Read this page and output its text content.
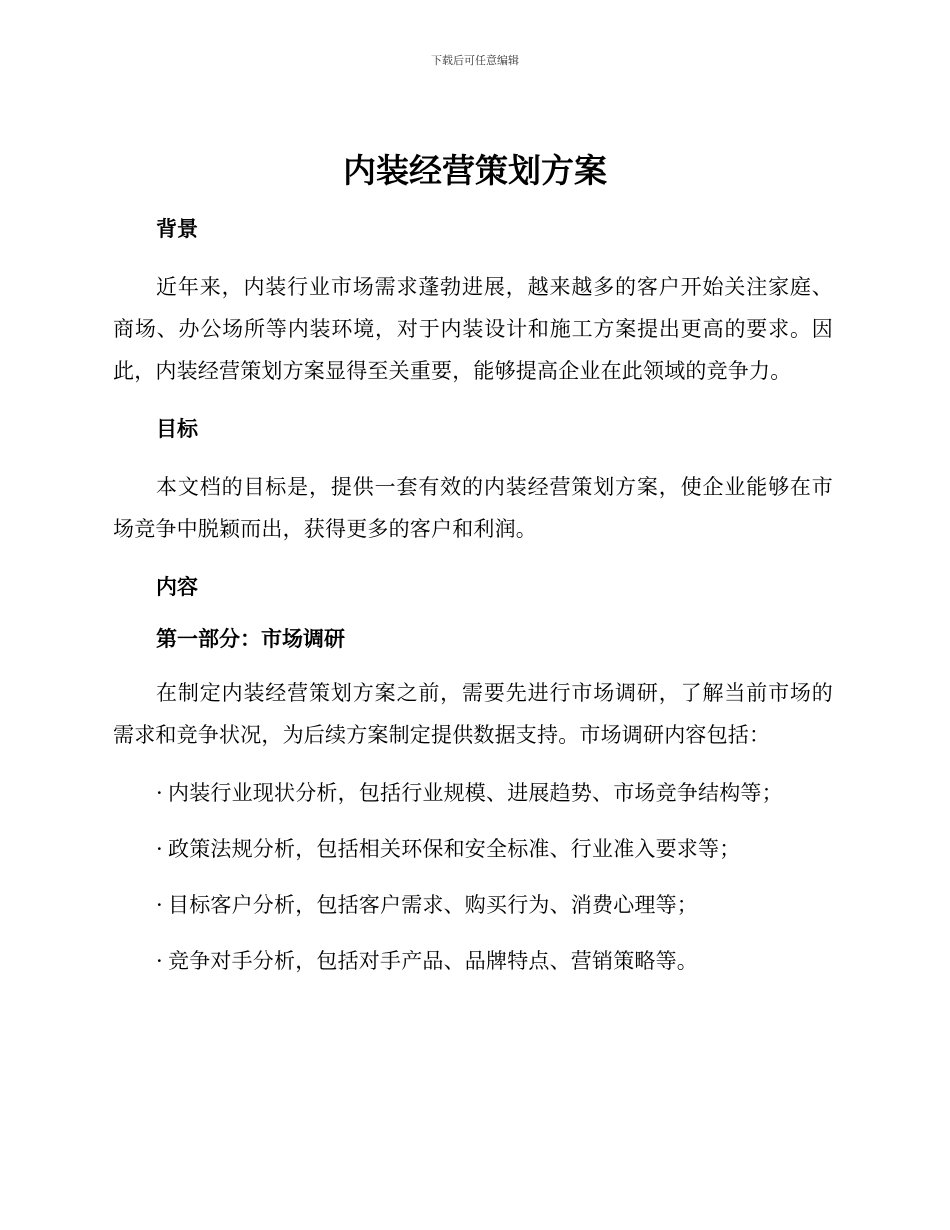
下载后可任意编辑
内装经营策划方案
背景

近年来，内装行业市场需求蓬勃进展，越来越多的客户开始关注家庭、商场、办公场所等内装环境，对于内装设计和施工方案提出更高的要求。因此，内装经营策划方案显得至关重要，能够提高企业在此领域的竞争力。

目标

本文档的目标是，提供一套有效的内装经营策划方案，使企业能够在市场竞争中脱颖而出，获得更多的客户和利润。

内容
第一部分：市场调研

在制定内装经营策划方案之前，需要先进行市场调研，了解当前市场的需求和竞争状况，为后续方案制定提供数据支持。市场调研内容包括：

· 内装行业现状分析，包括行业规模、进展趋势、市场竞争结构等；

· 政策法规分析，包括相关环保和安全标准、行业准入要求等；

· 目标客户分析，包括客户需求、购买行为、消费心理等；

· 竞争对手分析，包括对手产品、品牌特点、营销策略等。
